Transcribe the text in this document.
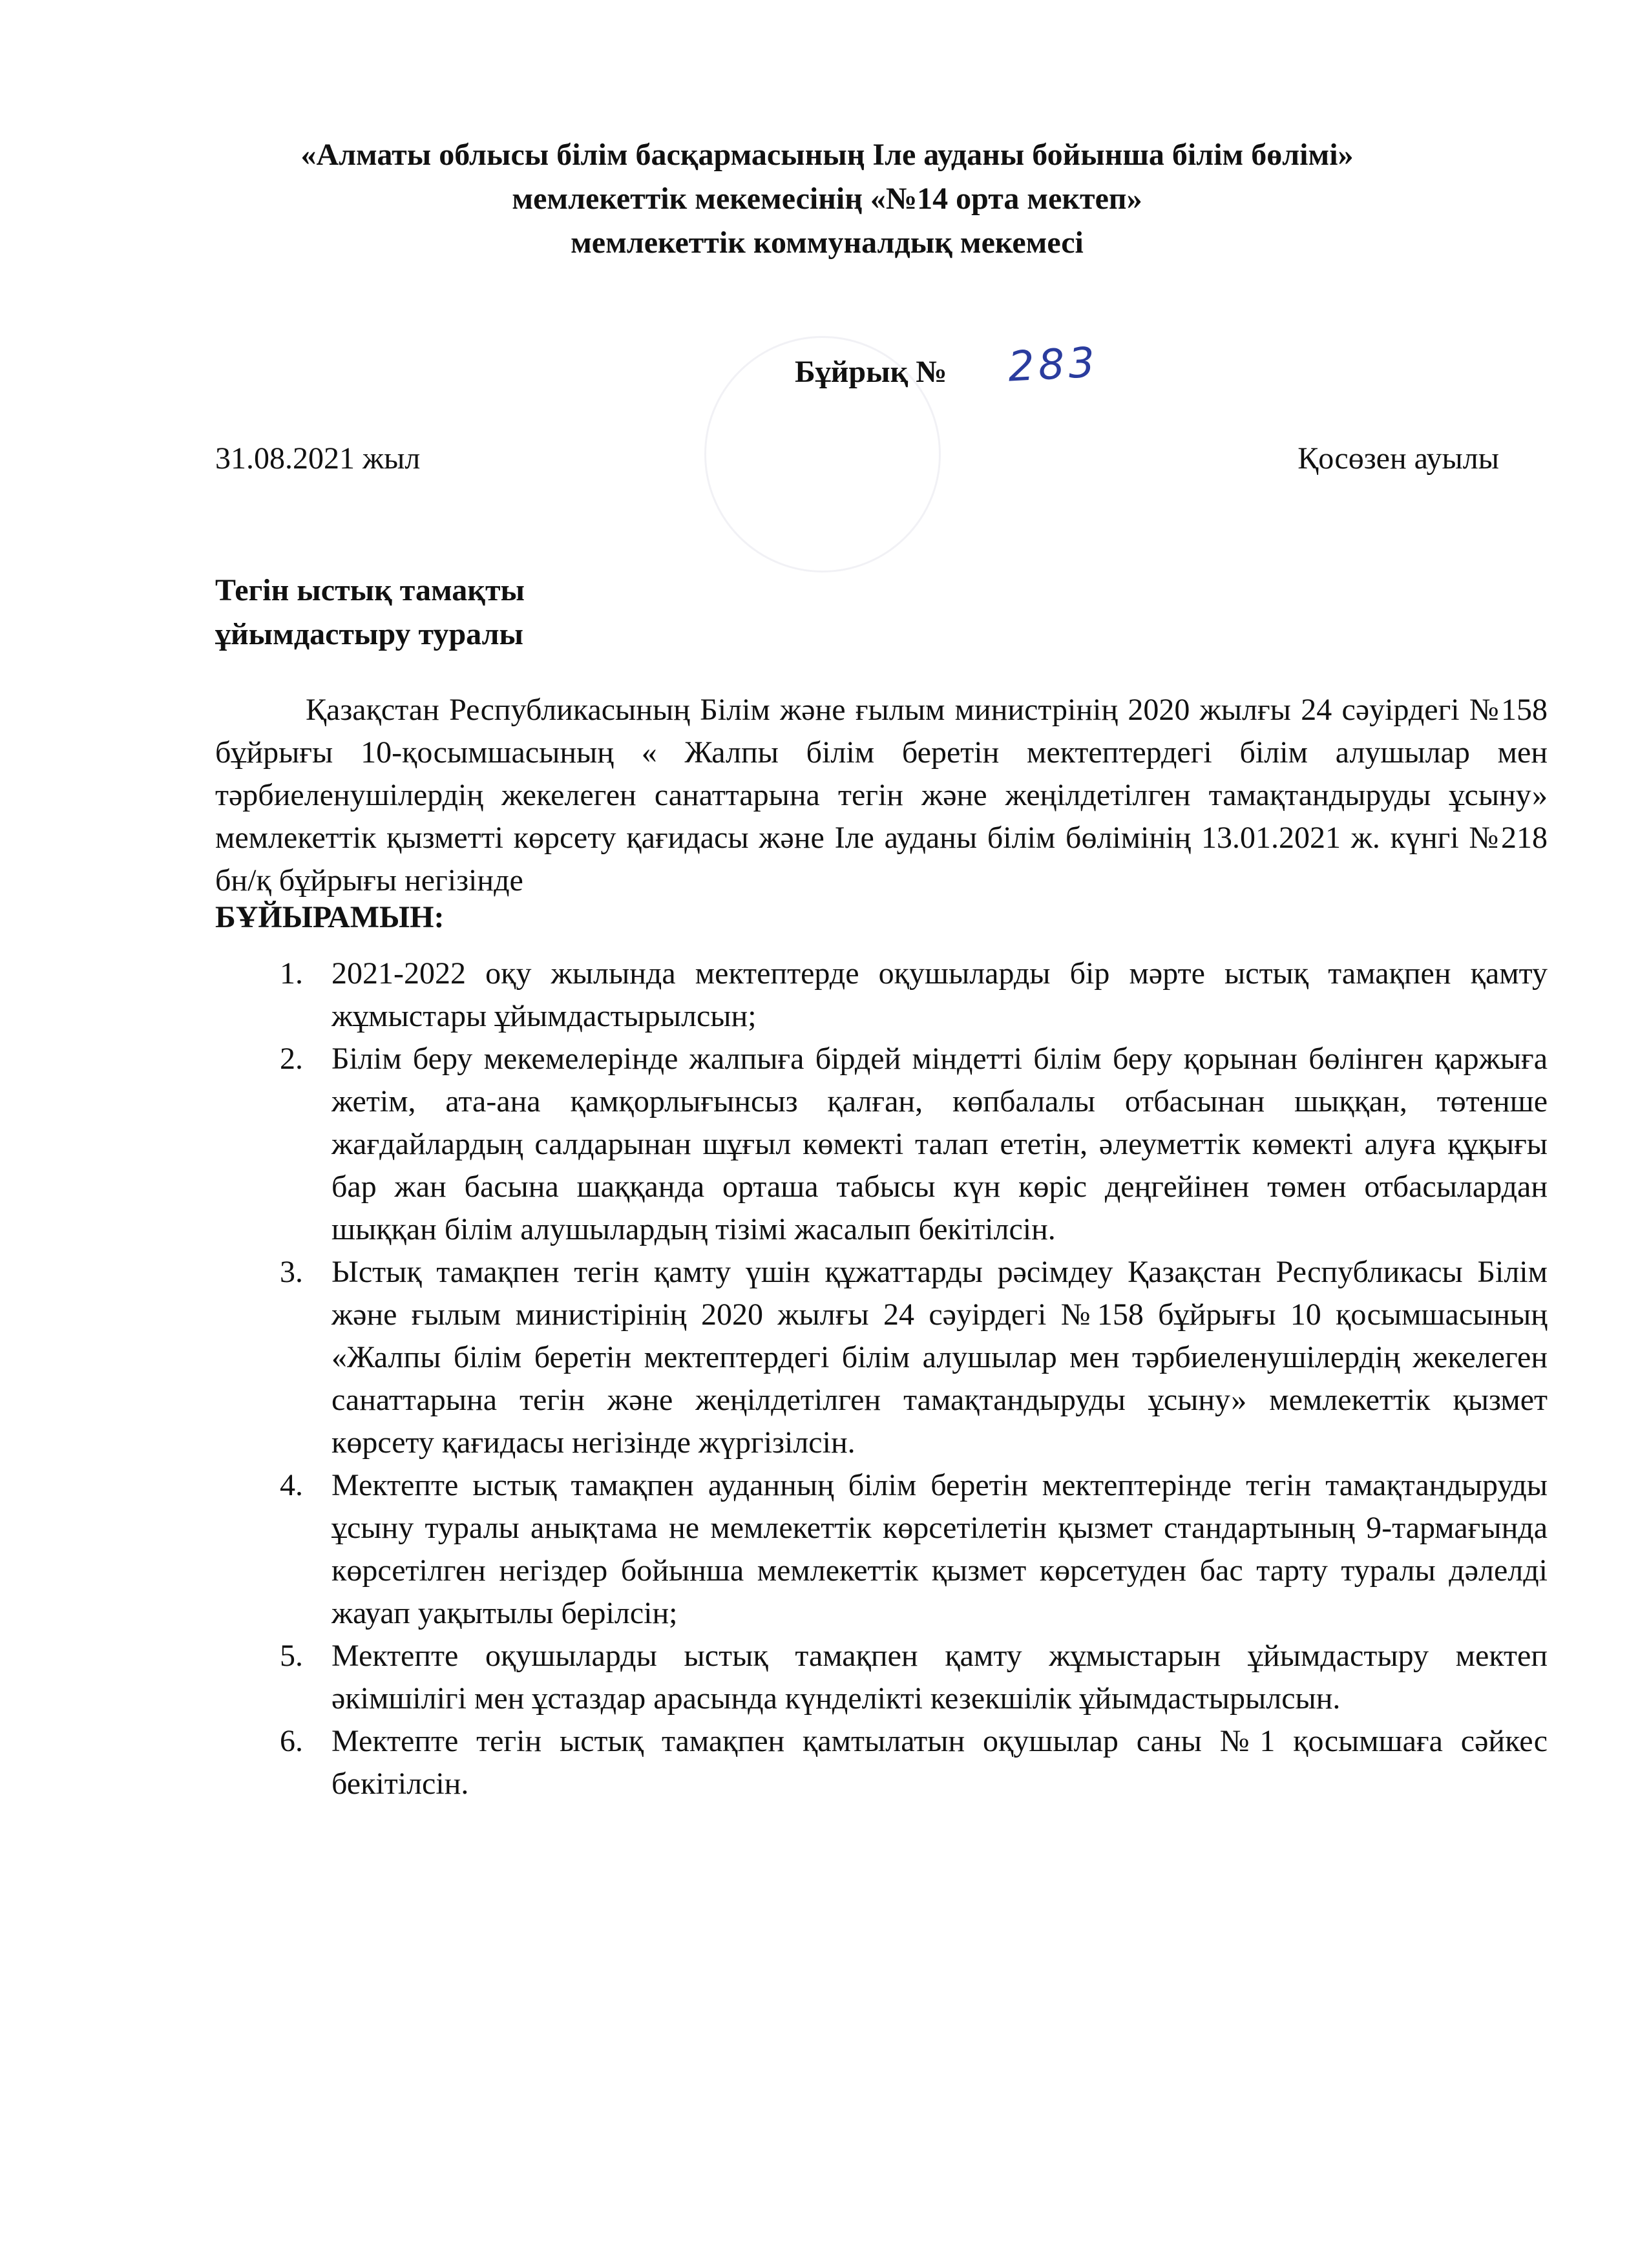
«Алматы облысы білім басқармасының Іле ауданы бойынша білім бөлімі»
мемлекеттік мекемесінің «№14 орта мектеп»
мемлекеттік коммуналдық мекемесі
Бұйрық № 283
31.08.2021 жыл	Қосөзен ауылы
Тегін ыстық тамақты
ұйымдастыру туралы
Қазақстан Республикасының Білім және ғылым министрінің 2020 жылғы 24 сәуірдегі №158 бұйрығы 10-қосымшасының « Жалпы білім беретін мектептердегі білім алушылар мен тәрбиеленушілердің жекелеген санаттарына тегін және жеңілдетілген тамақтандыруды ұсыну» мемлекеттік қызметті көрсету қағидасы және Іле ауданы білім бөлімінің 13.01.2021 ж. күнгі №218 бн/қ бұйрығы негізінде
БҰЙЫРАМЫН:
1. 2021-2022 оқу жылында мектептерде оқушыларды бір мәрте ыстық тамақпен қамту жұмыстары ұйымдастырылсын;
2. Білім беру мекемелерінде жалпыға бірдей міндетті білім беру қорынан бөлінген қаржыға жетім, ата-ана қамқорлығынсыз қалған, көпбалалы отбасынан шыққан, төтенше жағдайлардың салдарынан шұғыл көмекті талап ететін, әлеуметтік көмекті алуға құқығы бар жан басына шаққанда орташа табысы күн көріс деңгейінен төмен отбасылардан шыққан білім алушылардың тізімі жасалып бекітілсін.
3. Ыстық тамақпен тегін қамту үшін құжаттарды рәсімдеу Қазақстан Республикасы Білім және ғылым министірінің 2020 жылғы 24 сәуірдегі №158 бұйрығы 10 қосымшасының «Жалпы білім беретін мектептердегі білім алушылар мен тәрбиеленушілердің жекелеген санаттарына тегін және жеңілдетілген тамақтандыруды ұсыну» мемлекеттік қызмет көрсету қағидасы негізінде жүргізілсін.
4. Мектепте ыстық тамақпен ауданның білім беретін мектептерінде тегін тамақтандыруды ұсыну туралы анықтама не мемлекеттік көрсетілетін қызмет стандартының 9-тармағында көрсетілген негіздер бойынша мемлекеттік қызмет көрсетуден бас тарту туралы дәлелді жауап уақытылы берілсін;
5. Мектепте оқушыларды ыстық тамақпен қамту жұмыстарын ұйымдастыру мектеп әкімшілігі мен ұстаздар арасында күнделікті кезекшілік ұйымдастырылсын.
6. Мектепте тегін ыстық тамақпен қамтылатын оқушылар саны №1 қосымшаға сәйкес бекітілсін.
